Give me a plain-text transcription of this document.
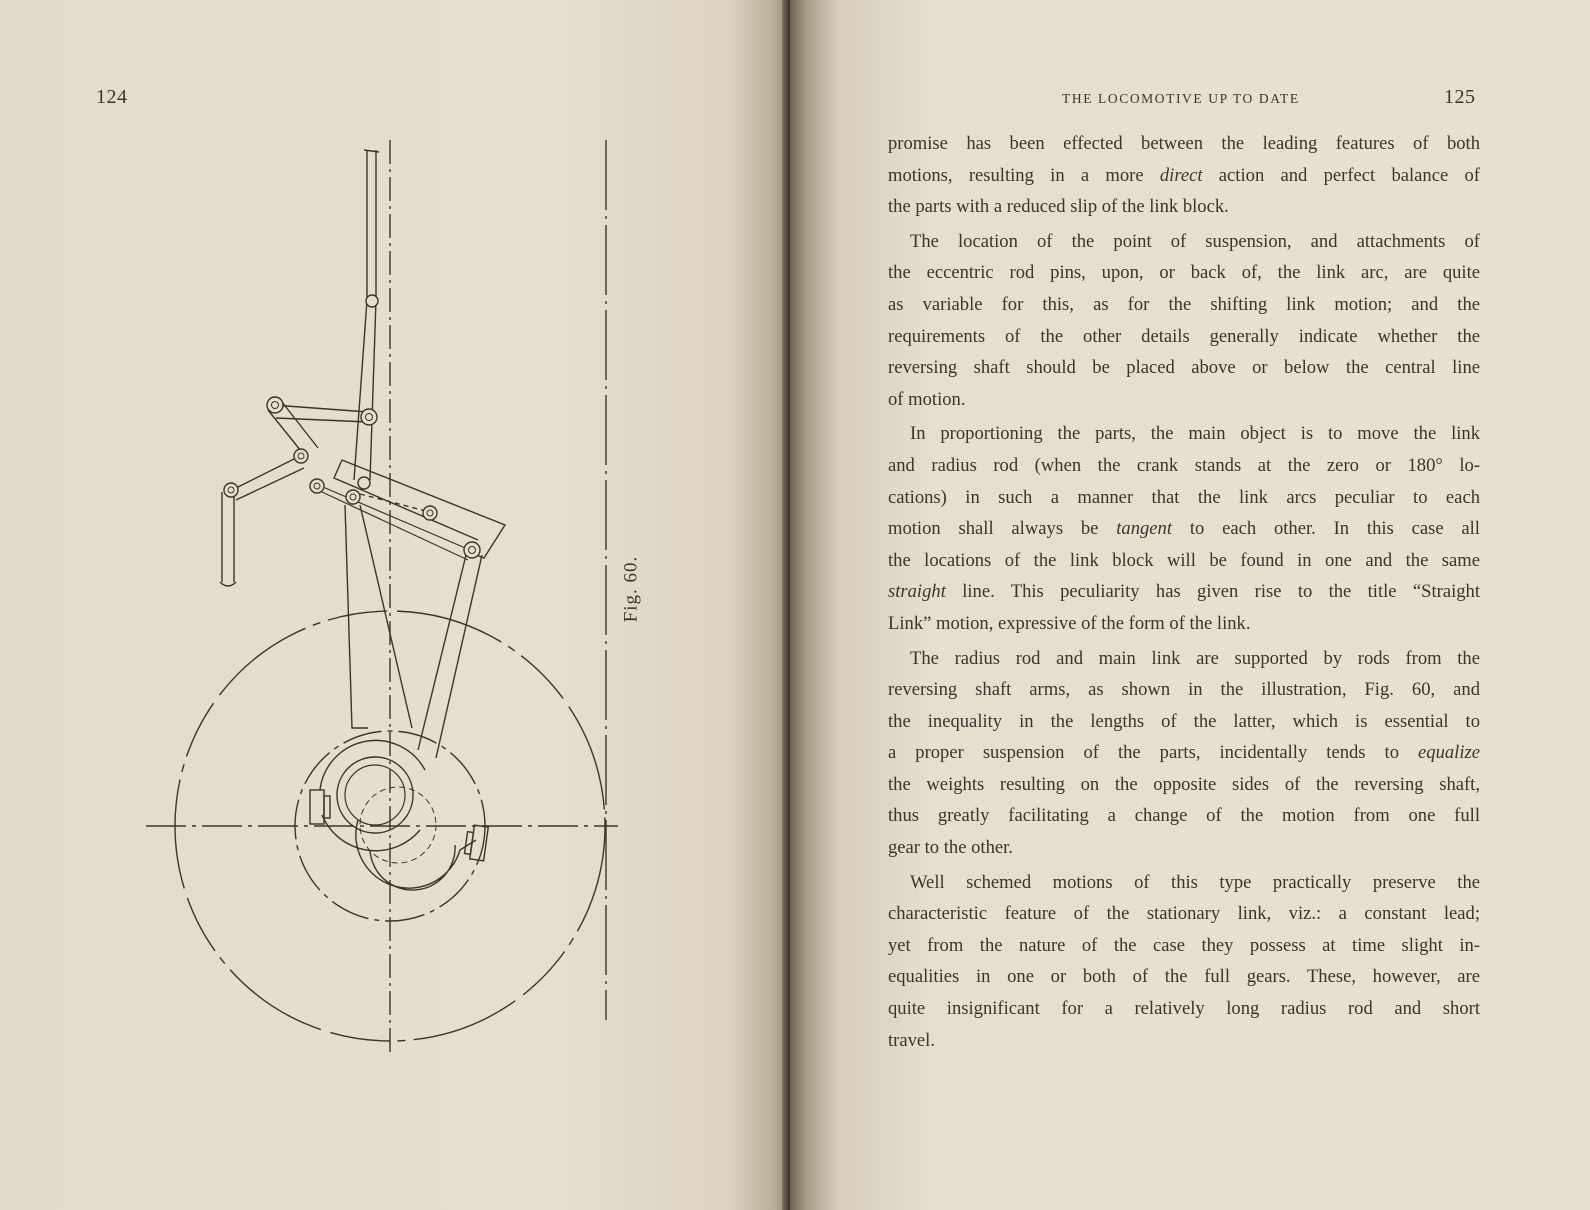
124
Fig. 60.
THE LOCOMOTIVE UP TO DATE	125
promise has been effected between the leading features of both
motions, resulting in a more direct action and perfect balance of
the parts with a reduced slip of the link block.
The location of the point of suspension, and attachments of
the eccentric rod pins, upon, or back of, the link arc, are quite
as variable for this, as for the shifting link motion; and the
requirements of the other details generally indicate whether the
reversing shaft should be placed above or below the central line
of motion.
In proportioning the parts, the main object is to move the link
and radius rod (when the crank stands at the zero or 180° lo-
cations) in such a manner that the link arcs peculiar to each
motion shall always be tangent to each other. In this case all
the locations of the link block will be found in one and the same
straight line. This peculiarity has given rise to the title “Straight
Link” motion, expressive of the form of the link.
The radius rod and main link are supported by rods from the
reversing shaft arms, as shown in the illustration, Fig. 60, and
the inequality in the lengths of the latter, which is essential to
a proper suspension of the parts, incidentally tends to equalize
the weights resulting on the opposite sides of the reversing shaft,
thus greatly facilitating a change of the motion from one full
gear to the other.
Well schemed motions of this type practically preserve the
characteristic feature of the stationary link, viz.: a constant lead;
yet from the nature of the case they possess at time slight in-
equalities in one or both of the full gears. These, however, are
quite insignificant for a relatively long radius rod and short
travel.
